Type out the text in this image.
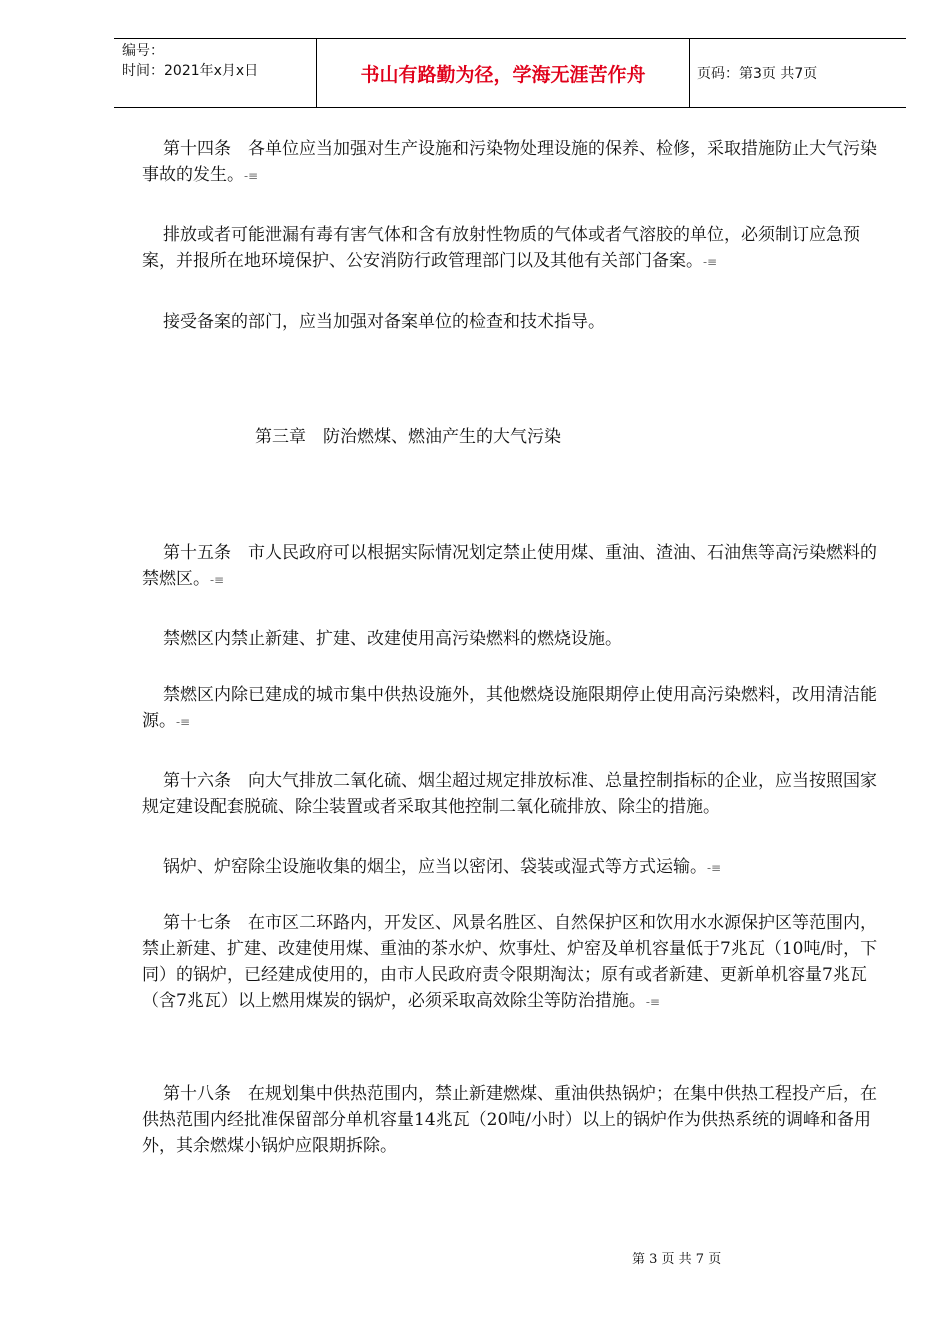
编号：
时间：2021年x月x日	书山有路勤为径，学海无涯苦作舟	页码：第3页 共7页

第十四条　各单位应当加强对生产设施和污染物处理设施的保养、检修，采取措施防止大气污染事故的发生。-≡

排放或者可能泄漏有毒有害气体和含有放射性物质的气体或者气溶胶的单位，必须制订应急预案，并报所在地环境保护、公安消防行政管理部门以及其他有关部门备案。-≡

接受备案的部门，应当加强对备案单位的检查和技术指导。

第三章　防治燃煤、燃油产生的大气污染

第十五条　市人民政府可以根据实际情况划定禁止使用煤、重油、渣油、石油焦等高污染燃料的禁燃区。-≡

禁燃区内禁止新建、扩建、改建使用高污染燃料的燃烧设施。

禁燃区内除已建成的城市集中供热设施外，其他燃烧设施限期停止使用高污染燃料，改用清洁能源。-≡

第十六条　向大气排放二氧化硫、烟尘超过规定排放标准、总量控制指标的企业，应当按照国家规定建设配套脱硫、除尘装置或者采取其他控制二氧化硫排放、除尘的措施。

锅炉、炉窑除尘设施收集的烟尘，应当以密闭、袋装或湿式等方式运输。-≡

第十七条　在市区二环路内，开发区、风景名胜区、自然保护区和饮用水水源保护区等范围内，禁止新建、扩建、改建使用煤、重油的茶水炉、炊事灶、炉窑及单机容量低于7兆瓦（10吨/时，下同）的锅炉，已经建成使用的，由市人民政府责令限期淘汰；原有或者新建、更新单机容量7兆瓦（含7兆瓦）以上燃用煤炭的锅炉，必须采取高效除尘等防治措施。-≡

第十八条　在规划集中供热范围内，禁止新建燃煤、重油供热锅炉；在集中供热工程投产后，在供热范围内经批准保留部分单机容量14兆瓦（20吨/小时）以上的锅炉作为供热系统的调峰和备用外，其余燃煤小锅炉应限期拆除。

第 3 页 共 7 页
